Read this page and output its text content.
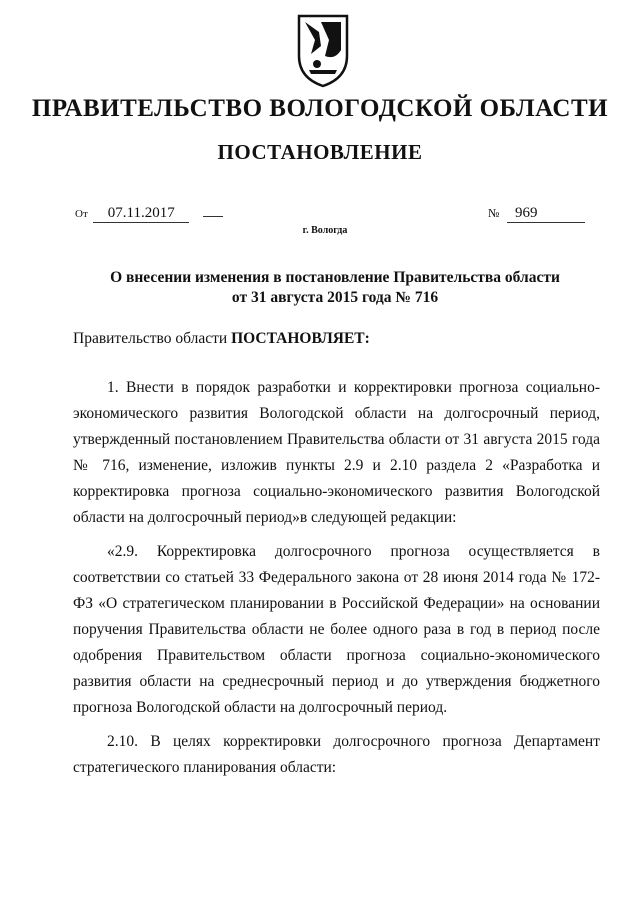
ПРАВИТЕЛЬСТВО ВОЛОГОДСКОЙ ОБЛАСТИ
ПОСТАНОВЛЕНИЕ
От 07.11.2017	№ 969
г. Вологда
О внесении изменения в постановление Правительства области
от 31 августа 2015 года № 716
Правительство области ПОСТАНОВЛЯЕТ:

1. Внести в порядок разработки и корректировки прогноза социально-экономического развития Вологодской области на долгосрочный период, утвержденный постановлением Правительства области от 31 августа 2015 года № 716, изменение, изложив пункты 2.9 и 2.10 раздела 2 «Разработка и корректировка прогноза социально-экономического развития Вологодской области на долгосрочный период»в следующей редакции:

«2.9. Корректировка долгосрочного прогноза осуществляется в соответствии со статьей 33 Федерального закона от 28 июня 2014 года № 172-ФЗ «О стратегическом планировании в Российской Федерации» на основании поручения Правительства области не более одного раза в год в период после одобрения Правительством области прогноза социально-экономического развития области на среднесрочный период и до утверждения бюджетного прогноза Вологодской области на долгосрочный период.

2.10. В целях корректировки долгосрочного прогноза Департамент стратегического планирования области:
